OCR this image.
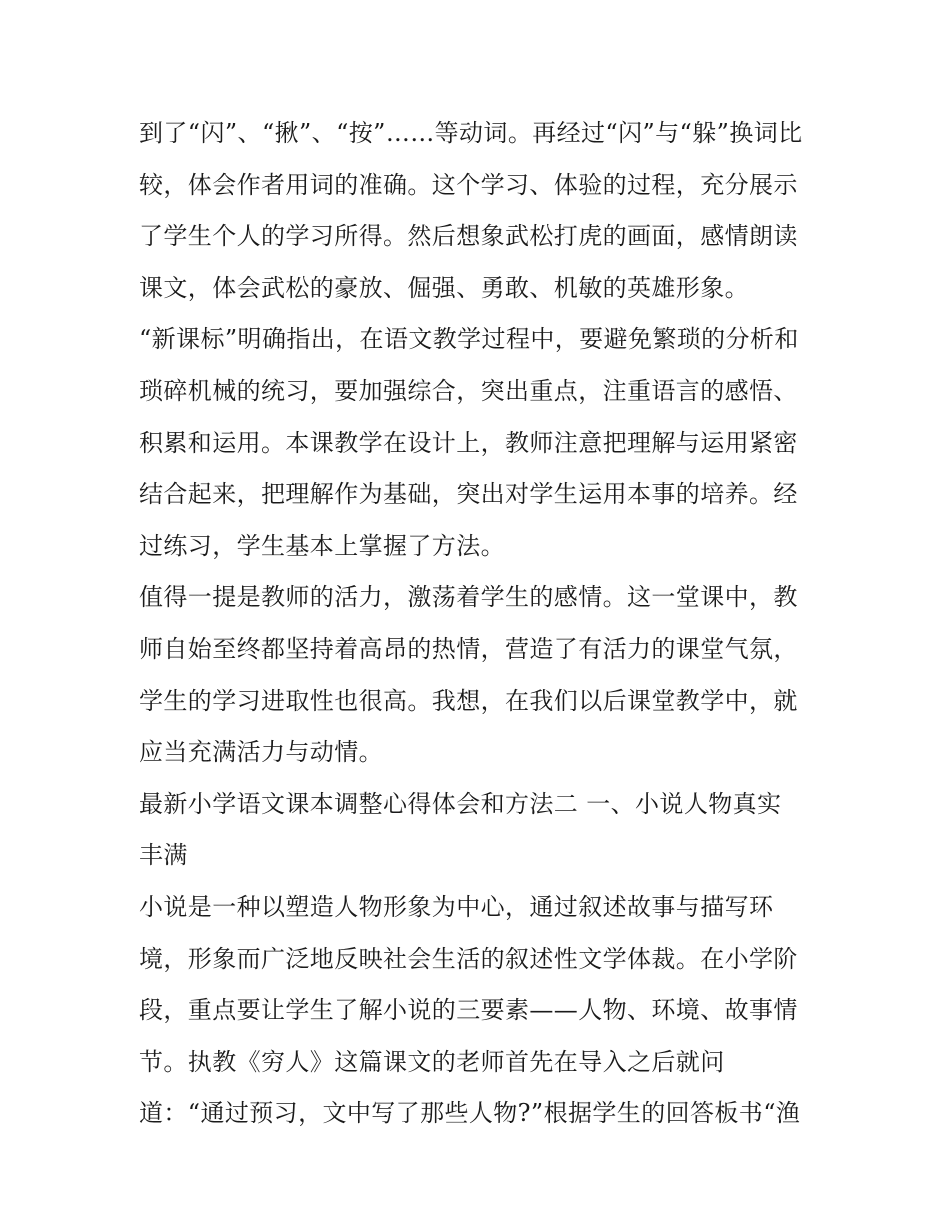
到了“闪”、“揪”、“按”……等动词。再经过“闪”与“躲”换词比
较，体会作者用词的准确。这个学习、体验的过程，充分展示
了学生个人的学习所得。然后想象武松打虎的画面，感情朗读
课文，体会武松的豪放、倔强、勇敢、机敏的英雄形象。
“新课标”明确指出，在语文教学过程中，要避免繁琐的分析和
琐碎机械的统习，要加强综合，突出重点，注重语言的感悟、
积累和运用。本课教学在设计上，教师注意把理解与运用紧密
结合起来，把理解作为基础，突出对学生运用本事的培养。经
过练习，学生基本上掌握了方法。
值得一提是教师的活力，激荡着学生的感情。这一堂课中，教
师自始至终都坚持着高昂的热情，营造了有活力的课堂气氛，
学生的学习进取性也很高。我想，在我们以后课堂教学中，就
应当充满活力与动情。
最新小学语文课本调整心得体会和方法二 一、小说人物真实
丰满
小说是一种以塑造人物形象为中心，通过叙述故事与描写环
境，形象而广泛地反映社会生活的叙述性文学体裁。在小学阶
段，重点要让学生了解小说的三要素——人物、环境、故事情
节。执教《穷人》这篇课文的老师首先在导入之后就问
道：“通过预习，文中写了那些人物?”根据学生的回答板书“渔
